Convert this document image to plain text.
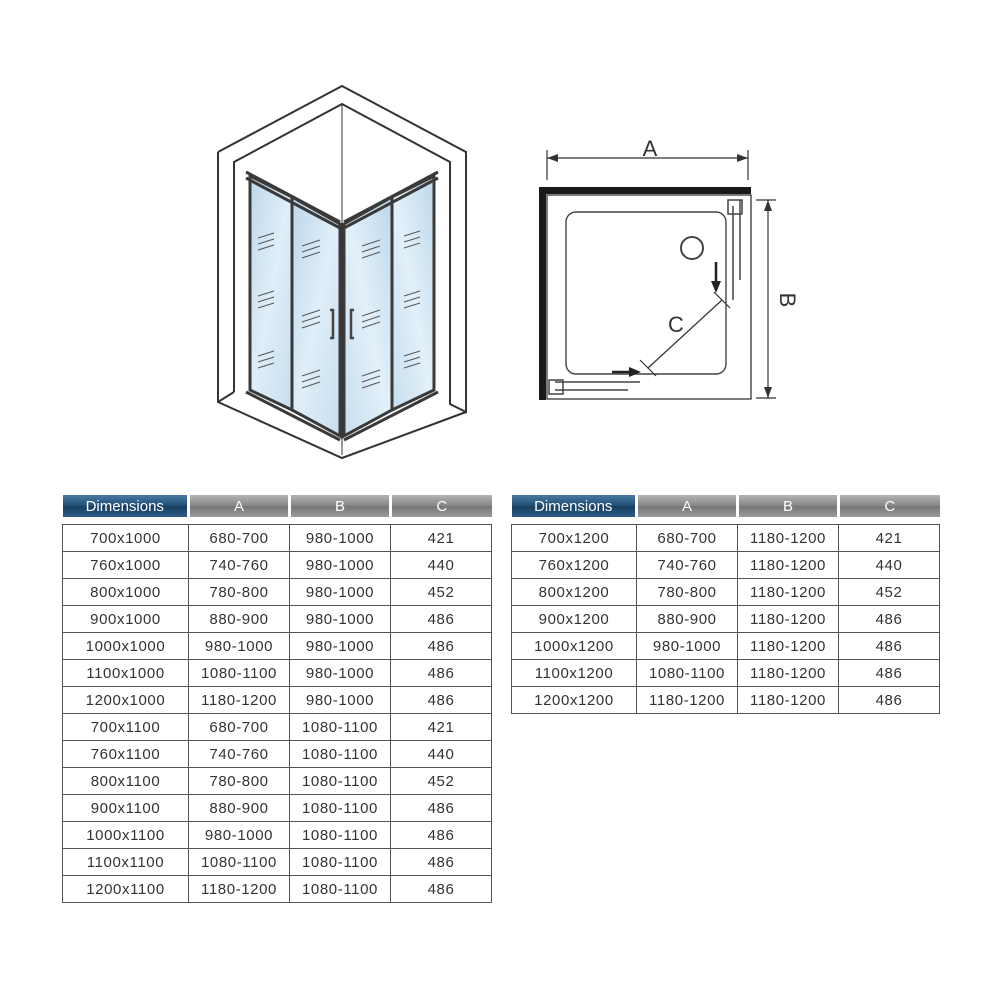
A
C
B
Dimensions	A	B	C

700x1000	680-700	980-1000	421
760x1000	740-760	980-1000	440
800x1000	780-800	980-1000	452
900x1000	880-900	980-1000	486
1000x1000	980-1000	980-1000	486
1100x1000	1080-1100	980-1000	486
1200x1000	1180-1200	980-1000	486
700x1100	680-700	1080-1100	421
760x1100	740-760	1080-1100	440
800x1100	780-800	1080-1100	452
900x1100	880-900	1080-1100	486
1000x1100	980-1000	1080-1100	486
1100x1100	1080-1100	1080-1100	486
1200x1100	1180-1200	1080-1100	486
Dimensions	A	B	C

700x1200	680-700	1180-1200	421
760x1200	740-760	1180-1200	440
800x1200	780-800	1180-1200	452
900x1200	880-900	1180-1200	486
1000x1200	980-1000	1180-1200	486
1100x1200	1080-1100	1180-1200	486
1200x1200	1180-1200	1180-1200	486
